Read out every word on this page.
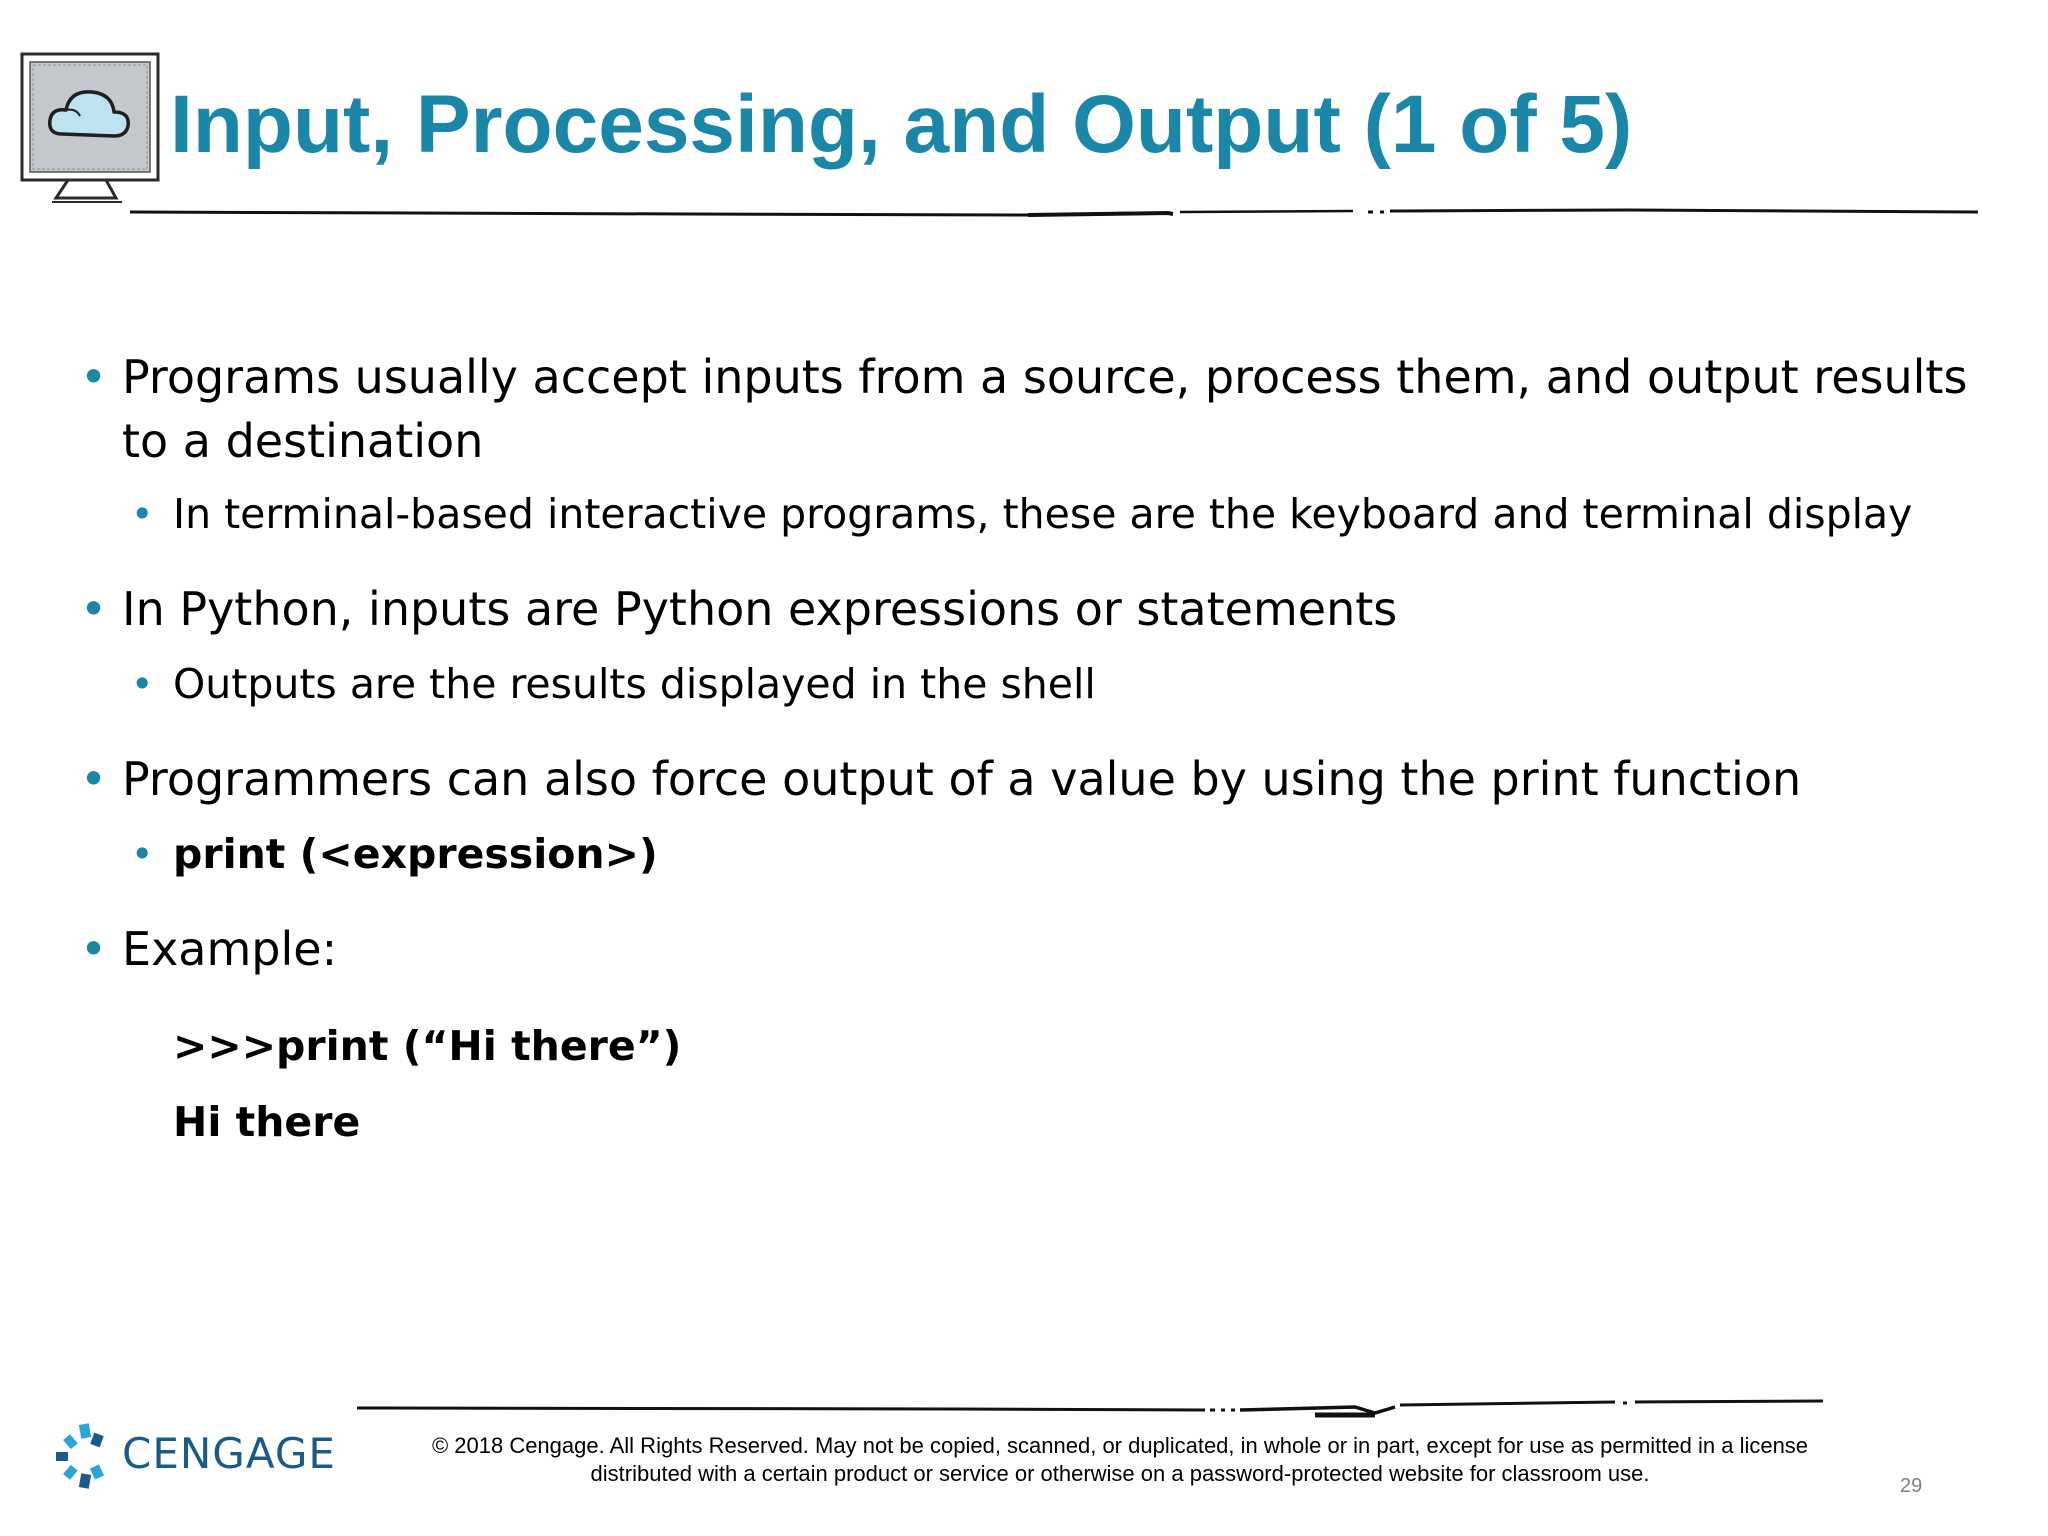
Input, Processing, and Output (1 of 5)
• Programs usually accept inputs from a source, process them, and output results to a destination
• In terminal-based interactive programs, these are the keyboard and terminal display
• In Python, inputs are Python expressions or statements
• Outputs are the results displayed in the shell
• Programmers can also force output of a value by using the print function
• print (<expression>)
• Example:
>>>print (“Hi there”)
Hi there
CENGAGE	© 2018 Cengage. All Rights Reserved. May not be copied, scanned, or duplicated, in whole or in part, except for use as permitted in a license
distributed with a certain product or service or otherwise on a password-protected website for classroom use.	29
